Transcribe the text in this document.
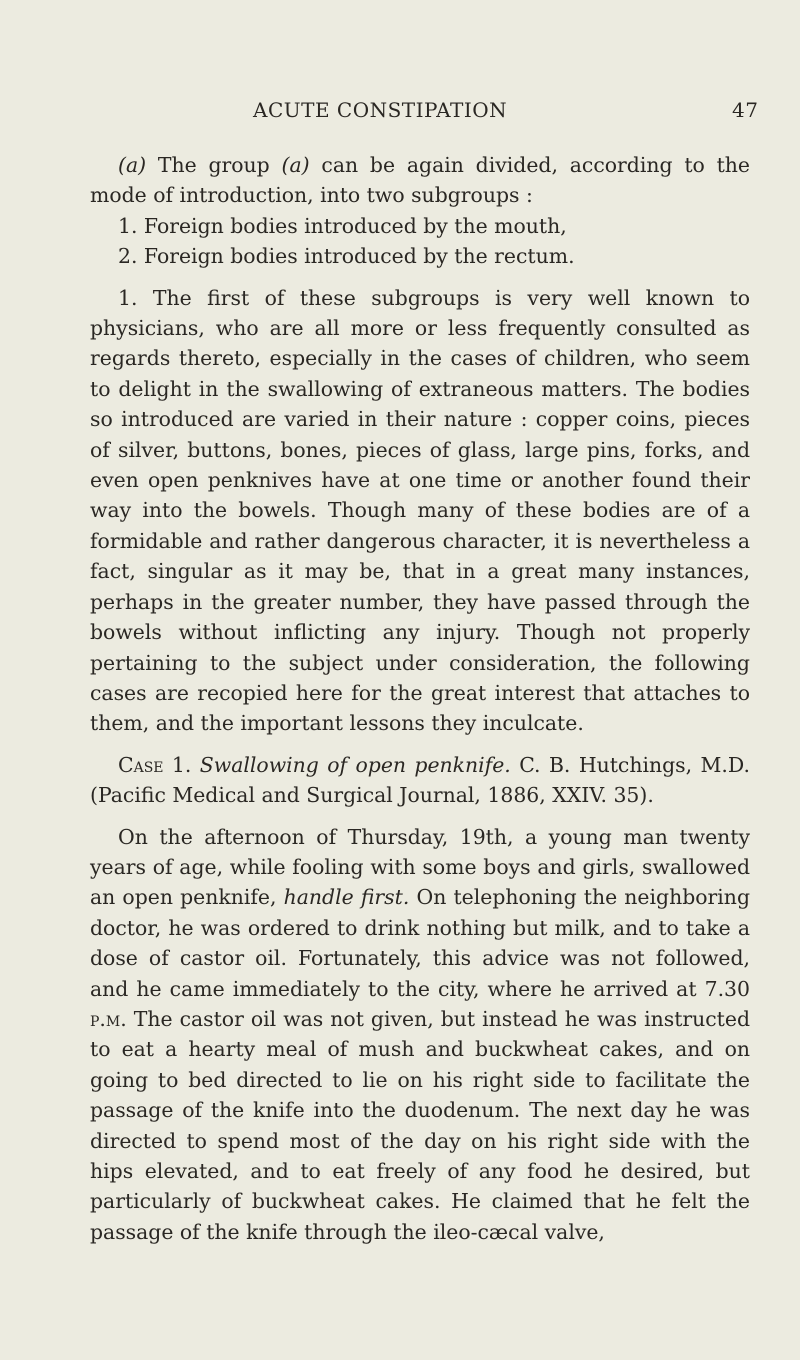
ACUTE CONSTIPATION	47

(a) The group (a) can be again divided, according to the mode of introduction, into two subgroups :

1. Foreign bodies introduced by the mouth,

2. Foreign bodies introduced by the rectum.

1. The first of these subgroups is very well known to physicians, who are all more or less frequently consulted as regards thereto, especially in the cases of children, who seem to delight in the swallowing of extraneous matters. The bodies so introduced are varied in their nature : copper coins, pieces of silver, buttons, bones, pieces of glass, large pins, forks, and even open penknives have at one time or another found their way into the bowels. Though many of these bodies are of a formidable and rather dangerous character, it is nevertheless a fact, singular as it may be, that in a great many instances, perhaps in the greater number, they have passed through the bowels without inflicting any injury. Though not properly pertaining to the subject under consideration, the following cases are recopied here for the great interest that attaches to them, and the important lessons they inculcate.

Case 1. Swallowing of open penknife. C. B. Hutchings, M.D. (Pacific Medical and Surgical Journal, 1886, XXIV. 35).

On the afternoon of Thursday, 19th, a young man twenty years of age, while fooling with some boys and girls, swallowed an open penknife, handle first. On telephoning the neighboring doctor, he was ordered to drink nothing but milk, and to take a dose of castor oil. Fortunately, this advice was not followed, and he came immediately to the city, where he arrived at 7.30 p.m. The castor oil was not given, but instead he was instructed to eat a hearty meal of mush and buckwheat cakes, and on going to bed directed to lie on his right side to facilitate the passage of the knife into the duodenum. The next day he was directed to spend most of the day on his right side with the hips elevated, and to eat freely of any food he desired, but particularly of buckwheat cakes. He claimed that he felt the passage of the knife through the ileo-cæcal valve,
